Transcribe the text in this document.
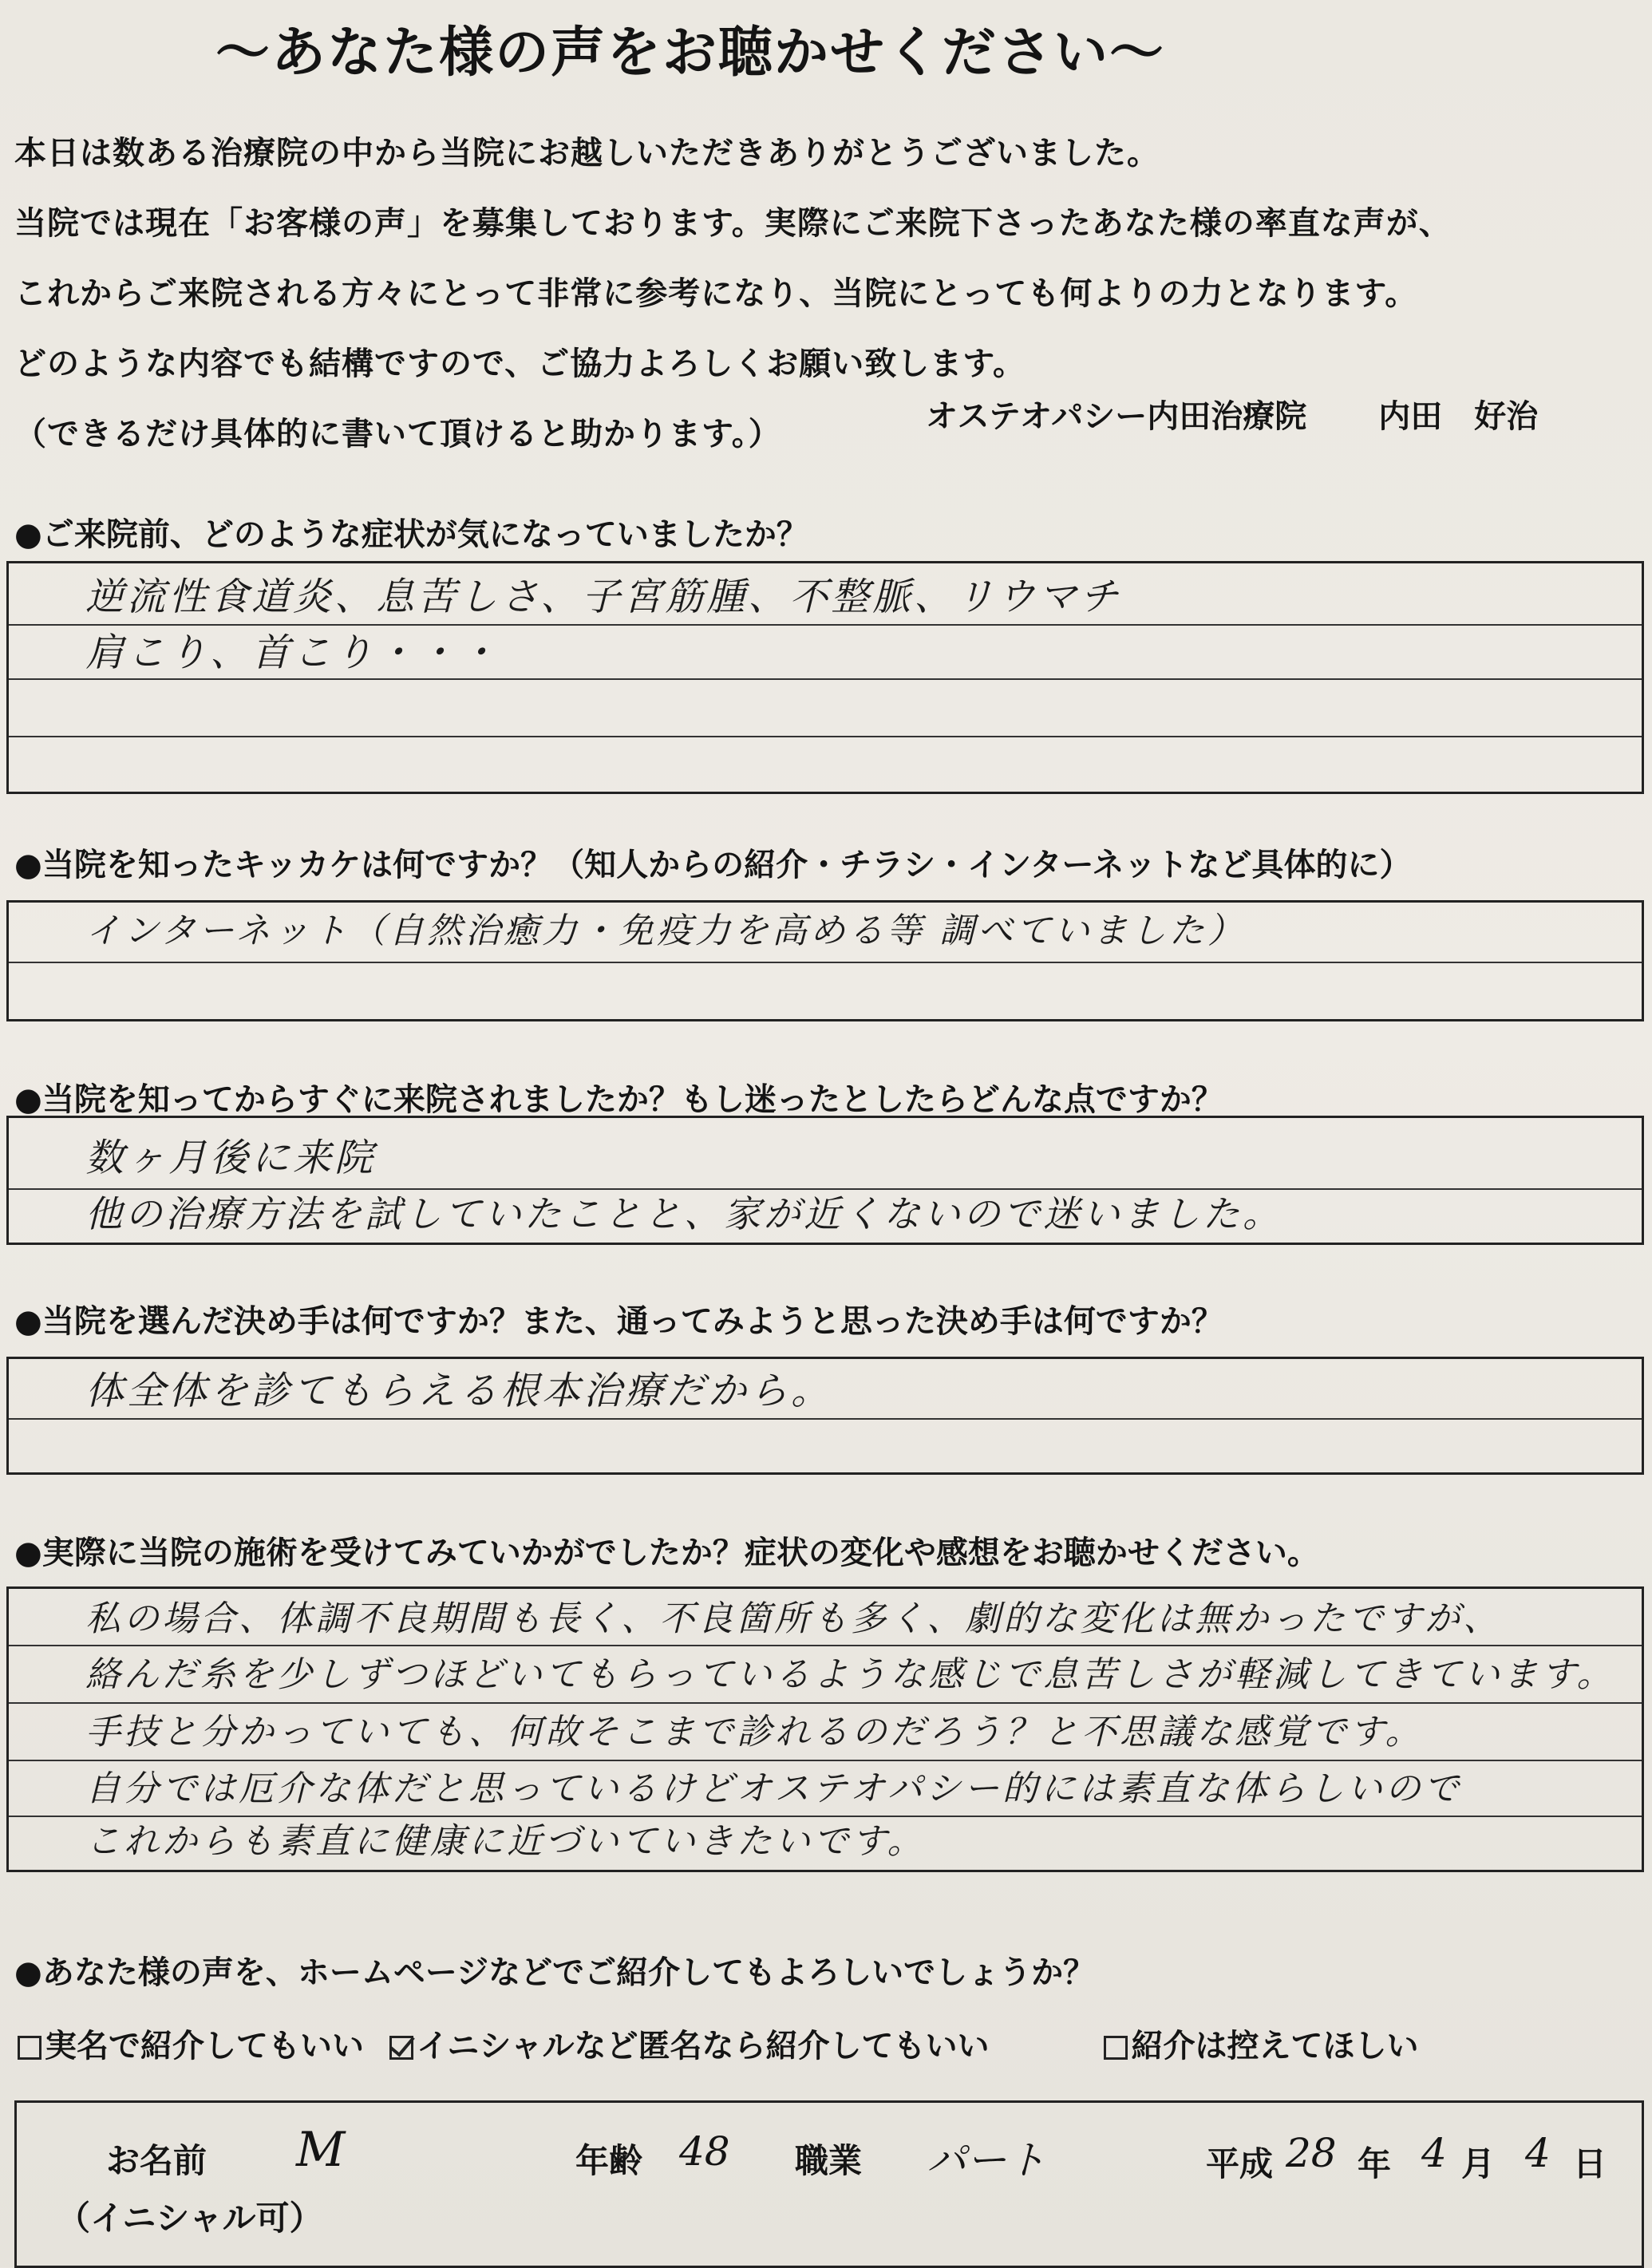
～あなた様の声をお聴かせください～
本日は数ある治療院の中から当院にお越しいただきありがとうございました。
当院では現在「お客様の声」を募集しております。実際にご来院下さったあなた様の率直な声が、
これからご来院される方々にとって非常に参考になり、当院にとっても何よりの力となります。
どのような内容でも結構ですので、ご協力よろしくお願い致します。
（できるだけ具体的に書いて頂けると助かります。）	オステオパシー内田治療院 内田　好治
●ご来院前、どのような症状が気になっていましたか？
逆流性食道炎、息苦しさ、子宮筋腫、不整脈、リウマチ
肩こり、首こり・・・
●当院を知ったキッカケは何ですか？（知人からの紹介・チラシ・インターネットなど具体的に）
インターネット（自然治癒力・免疫力を高める等 調べていました）
●当院を知ってからすぐに来院されましたか？もし迷ったとしたらどんな点ですか？
数ヶ月後に来院
他の治療方法を試していたことと、家が近くないので迷いました。
●当院を選んだ決め手は何ですか？また、通ってみようと思った決め手は何ですか？
体全体を診てもらえる根本治療だから。
●実際に当院の施術を受けてみていかがでしたか？症状の変化や感想をお聴かせください。
私の場合、体調不良期間も長く、不良箇所も多く、劇的な変化は無かったですが、
絡んだ糸を少しずつほどいてもらっているような感じで息苦しさが軽減してきています。
手技と分かっていても、何故そこまで診れるのだろう？と不思議な感覚です。
自分では厄介な体だと思っているけどオステオパシー的には素直な体らしいので
これからも素直に健康に近づいていきたいです。
●あなた様の声を、ホームページなどでご紹介してもよろしいでしょうか？
実名で紹介してもいい イニシャルなど匿名なら紹介してもいい	紹介は控えてほしい
お名前
（イニシャル可）
M	年齢 48 職業 パート	平成 28 年 4 月 4 日
